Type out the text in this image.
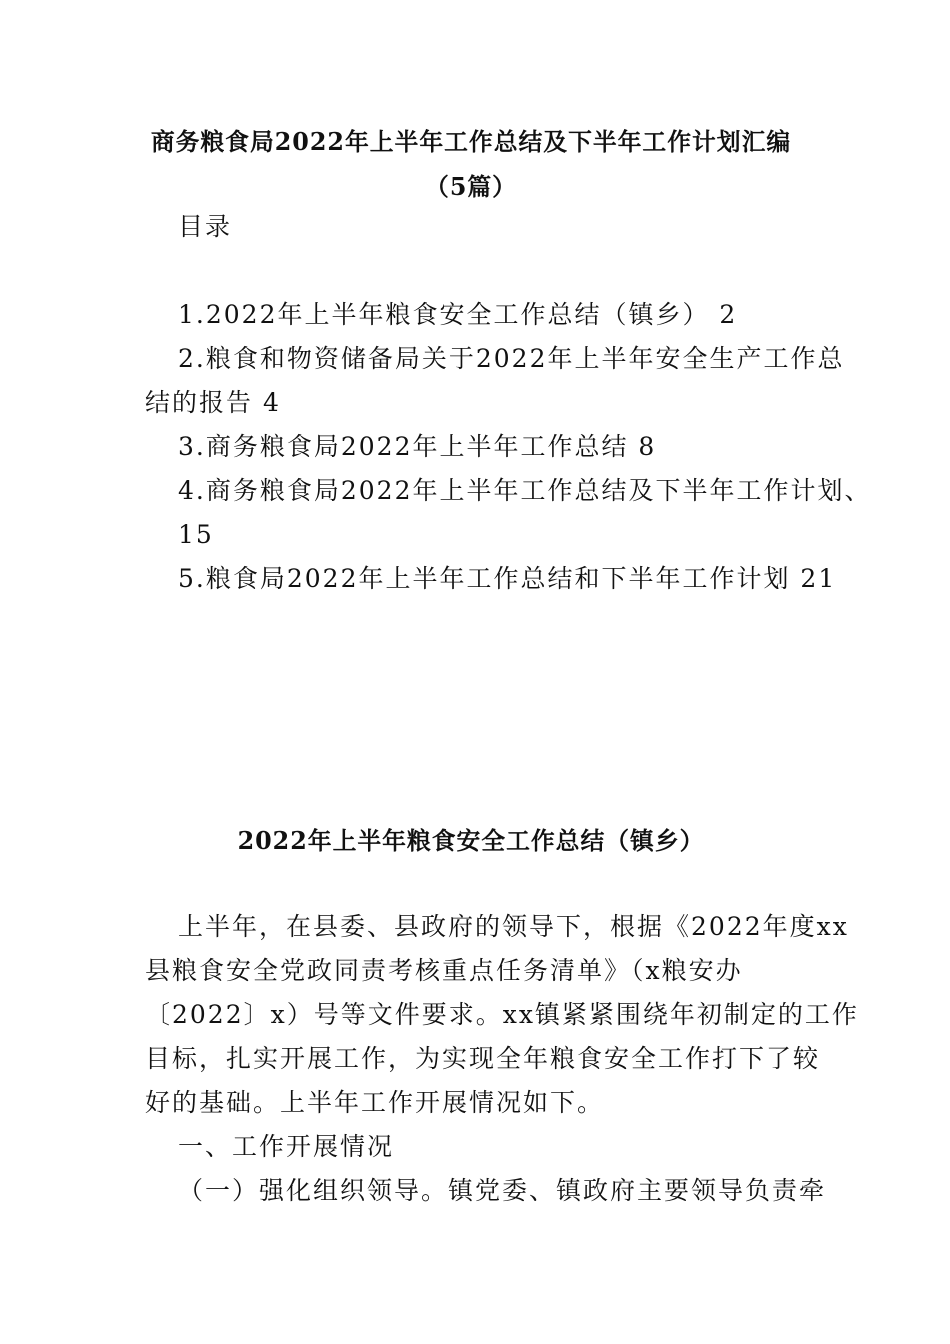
商务粮食局2022年上半年工作总结及下半年工作计划汇编
（5篇）
目录
1.2022年上半年粮食安全工作总结（镇乡） 2
2.粮食和物资储备局关于2022年上半年安全生产工作总
结的报告 4
3.商务粮食局2022年上半年工作总结 8
4.商务粮食局2022年上半年工作总结及下半年工作计划、
15
5.粮食局2022年上半年工作总结和下半年工作计划 21
2022年上半年粮食安全工作总结（镇乡）
上半年，在县委、县政府的领导下，根据《2022年度xx
县粮食安全党政同责考核重点任务清单》（x粮安办
〔2022〕x）号等文件要求。xx镇紧紧围绕年初制定的工作
目标，扎实开展工作，为实现全年粮食安全工作打下了较
好的基础。上半年工作开展情况如下。
一、工作开展情况
（一）强化组织领导。镇党委、镇政府主要领导负责牵
